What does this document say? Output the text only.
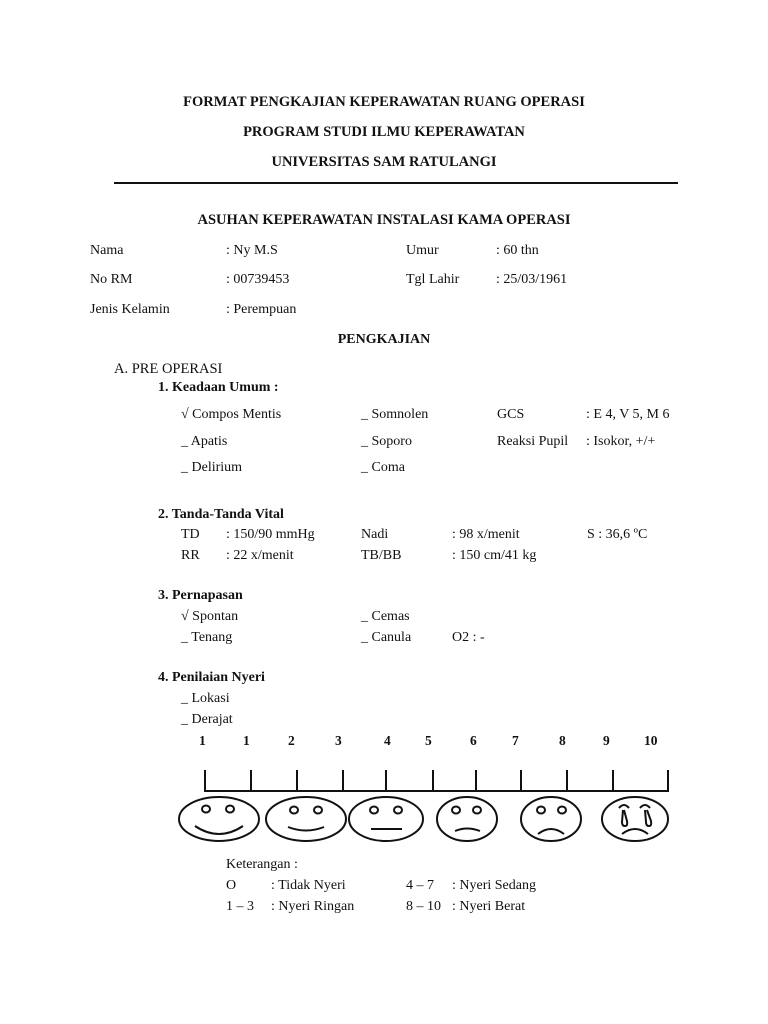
FORMAT PENGKAJIAN KEPERAWATAN RUANG OPERASI
PROGRAM STUDI ILMU KEPERAWATAN
UNIVERSITAS SAM RATULANGI
ASUHAN KEPERAWATAN INSTALASI KAMA OPERASI
Nama	: Ny M.S	Umur	: 60 thn
No RM	: 00739453	Tgl Lahir	: 25/03/1961
Jenis Kelamin	: Perempuan
PENGKAJIAN
A. PRE OPERASI
1. Keadaan Umum :
√ Compos Mentis	_ Somnolen	GCS	: E 4, V 5, M 6
_ Apatis	_ Soporo	Reaksi Pupil : Isokor, +/+
_ Delirium	_ Coma
2. Tanda-Tanda Vital
TD : 150/90 mmHg	Nadi	: 98 x/menit	S : 36,6 ºC
RR : 22 x/menit	TB/BB	: 150 cm/41 kg
3. Pernapasan
√ Spontan	_ Cemas
_ Tenang	_ Canula	O2 : -
4. Penilaian Nyeri
_ Lokasi
_ Derajat
1	1	2	3	4	5	6	7	8	9	10
Keterangan :
O : Tidak Nyeri	4 – 7 : Nyeri Sedang
1 – 3 : Nyeri Ringan	8 – 10 : Nyeri Berat
